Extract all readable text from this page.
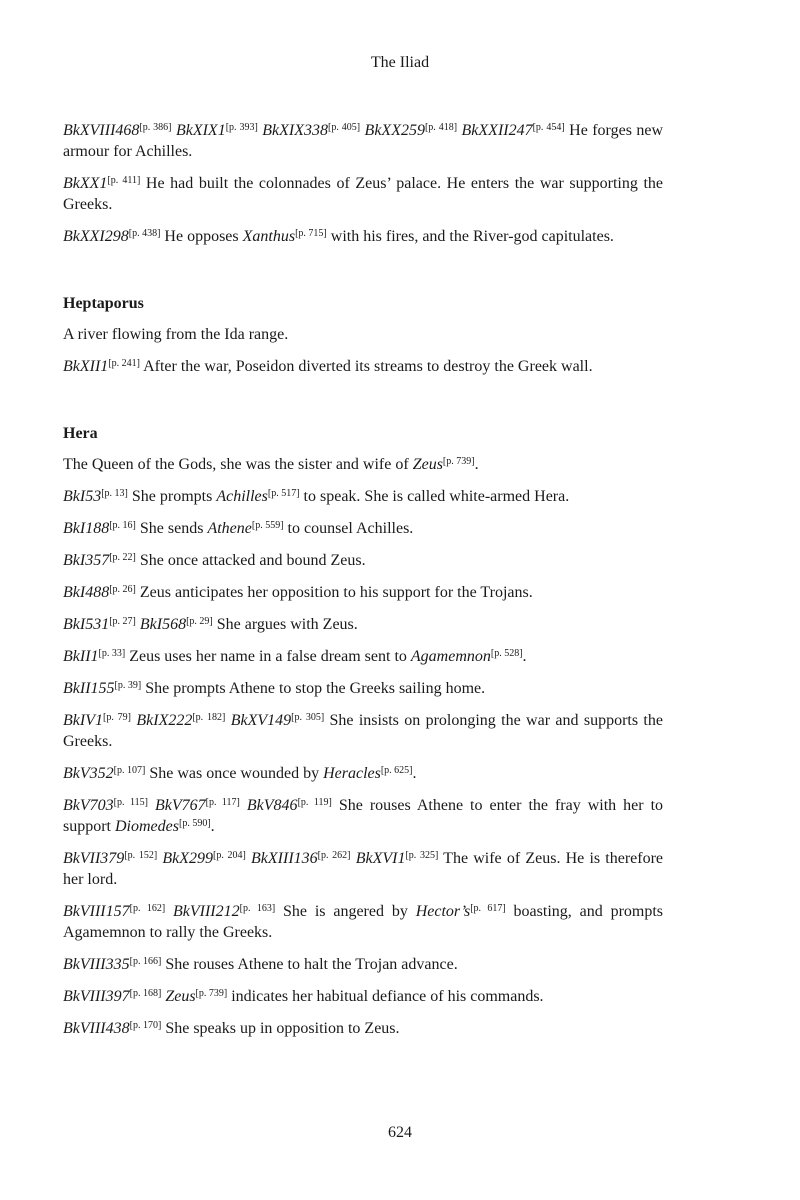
The Iliad

BkXVIII468[p. 386] BkXIX1[p. 393] BkXIX338[p. 405] BkXX259[p. 418] BkXXII247[p. 454] He forges new armour for Achilles.

BkXX1[p. 411] He had built the colonnades of Zeus’ palace. He enters the war supporting the Greeks.

BkXXI298[p. 438] He opposes Xanthus[p. 715] with his fires, and the River-god capitulates.

Heptaporus

A river flowing from the Ida range.

BkXII1[p. 241] After the war, Poseidon diverted its streams to destroy the Greek wall.

Hera

The Queen of the Gods, she was the sister and wife of Zeus[p. 739].

BkI53[p. 13] She prompts Achilles[p. 517] to speak. She is called white-armed Hera.

BkI188[p. 16] She sends Athene[p. 559] to counsel Achilles.

BkI357[p. 22] She once attacked and bound Zeus.

BkI488[p. 26] Zeus anticipates her opposition to his support for the Trojans.

BkI531[p. 27] BkI568[p. 29] She argues with Zeus.

BkII1[p. 33] Zeus uses her name in a false dream sent to Agamemnon[p. 528].

BkII155[p. 39] She prompts Athene to stop the Greeks sailing home.

BkIV1[p. 79] BkIX222[p. 182] BkXV149[p. 305] She insists on prolonging the war and supports the Greeks.

BkV352[p. 107] She was once wounded by Heracles[p. 625].

BkV703[p. 115] BkV767[p. 117] BkV846[p. 119] She rouses Athene to enter the fray with her to support Diomedes[p. 590].

BkVII379[p. 152] BkX299[p. 204] BkXIII136[p. 262] BkXVI1[p. 325] The wife of Zeus. He is therefore her lord.

BkVIII157[p. 162] BkVIII212[p. 163] She is angered by Hector’s[p. 617] boasting, and prompts Agamemnon to rally the Greeks.

BkVIII335[p. 166] She rouses Athene to halt the Trojan advance.

BkVIII397[p. 168] Zeus[p. 739] indicates her habitual defiance of his commands.

BkVIII438[p. 170] She speaks up in opposition to Zeus.

624
